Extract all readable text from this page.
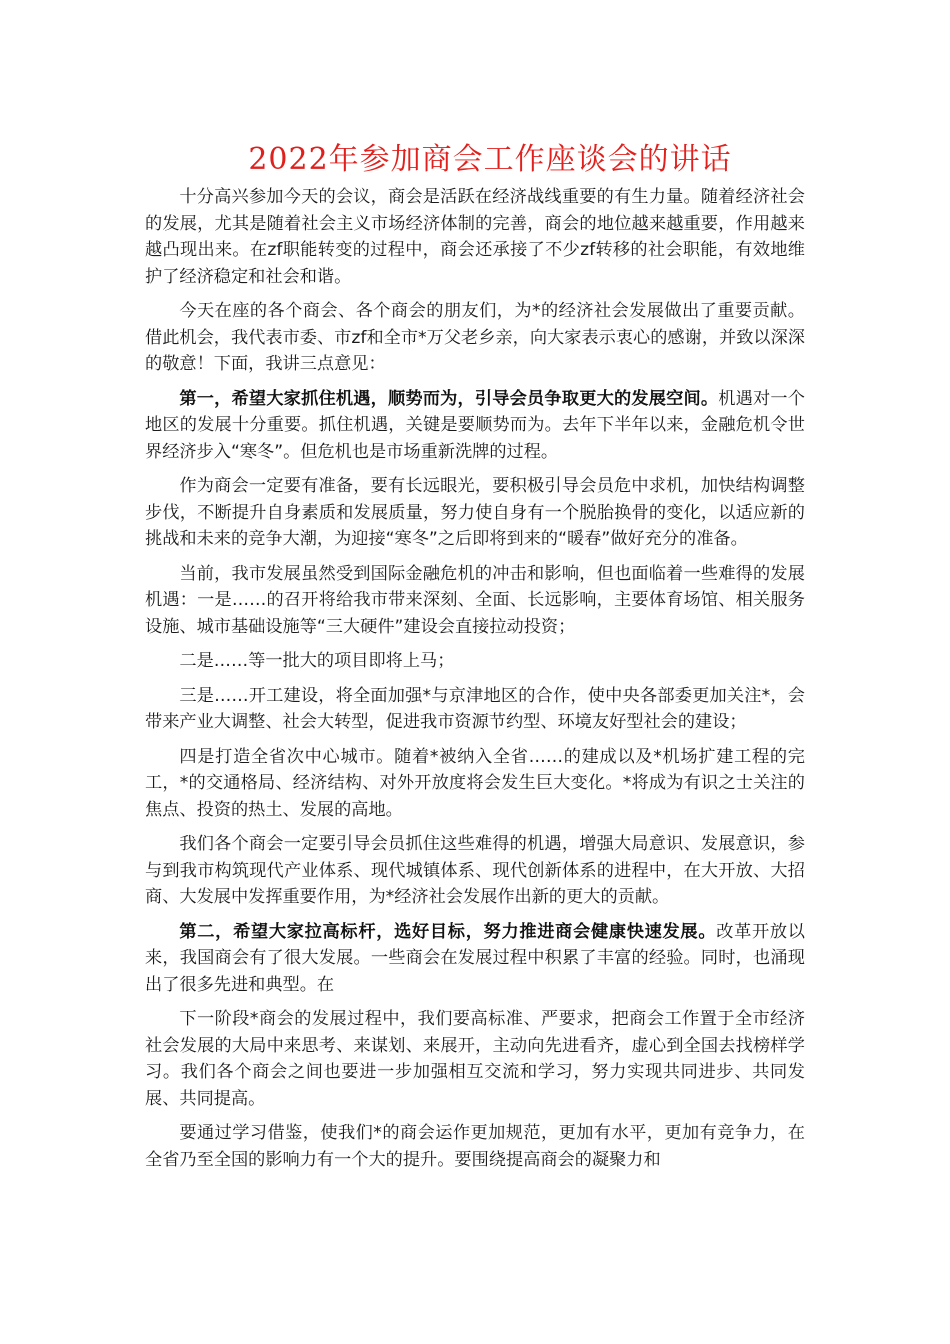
2022年参加商会工作座谈会的讲话

十分高兴参加今天的会议，商会是活跃在经济战线重要的有生力量。随着经济社会的发展，尤其是随着社会主义市场经济体制的完善，商会的地位越来越重要，作用越来越凸现出来。在zf职能转变的过程中，商会还承接了不少zf转移的社会职能，有效地维护了经济稳定和社会和谐。

今天在座的各个商会、各个商会的朋友们，为*的经济社会发展做出了重要贡献。借此机会，我代表市委、市zf和全市*万父老乡亲，向大家表示衷心的感谢，并致以深深的敬意！下面，我讲三点意见：

第一，希望大家抓住机遇，顺势而为，引导会员争取更大的发展空间。机遇对一个地区的发展十分重要。抓住机遇，关键是要顺势而为。去年下半年以来，金融危机令世界经济步入“寒冬”。但危机也是市场重新洗牌的过程。

作为商会一定要有准备，要有长远眼光，要积极引导会员危中求机，加快结构调整步伐，不断提升自身素质和发展质量，努力使自身有一个脱胎换骨的变化，以适应新的挑战和未来的竞争大潮，为迎接“寒冬”之后即将到来的“暖春”做好充分的准备。

当前，我市发展虽然受到国际金融危机的冲击和影响，但也面临着一些难得的发展机遇：一是……的召开将给我市带来深刻、全面、长远影响，主要体育场馆、相关服务设施、城市基础设施等“三大硬件”建设会直接拉动投资；

二是……等一批大的项目即将上马；

三是……开工建设，将全面加强*与京津地区的合作，使中央各部委更加关注*，会带来产业大调整、社会大转型，促进我市资源节约型、环境友好型社会的建设；

四是打造全省次中心城市。随着*被纳入全省……的建成以及*机场扩建工程的完工，*的交通格局、经济结构、对外开放度将会发生巨大变化。*将成为有识之士关注的焦点、投资的热土、发展的高地。

我们各个商会一定要引导会员抓住这些难得的机遇，增强大局意识、发展意识，参与到我市构筑现代产业体系、现代城镇体系、现代创新体系的进程中，在大开放、大招商、大发展中发挥重要作用，为*经济社会发展作出新的更大的贡献。

第二，希望大家拉高标杆，选好目标，努力推进商会健康快速发展。改革开放以来，我国商会有了很大发展。一些商会在发展过程中积累了丰富的经验。同时，也涌现出了很多先进和典型。在

下一阶段*商会的发展过程中，我们要高标准、严要求，把商会工作置于全市经济社会发展的大局中来思考、来谋划、来展开，主动向先进看齐，虚心到全国去找榜样学习。我们各个商会之间也要进一步加强相互交流和学习，努力实现共同进步、共同发展、共同提高。

要通过学习借鉴，使我们*的商会运作更加规范，更加有水平，更加有竞争力，在全省乃至全国的影响力有一个大的提升。要围绕提高商会的凝聚力和
